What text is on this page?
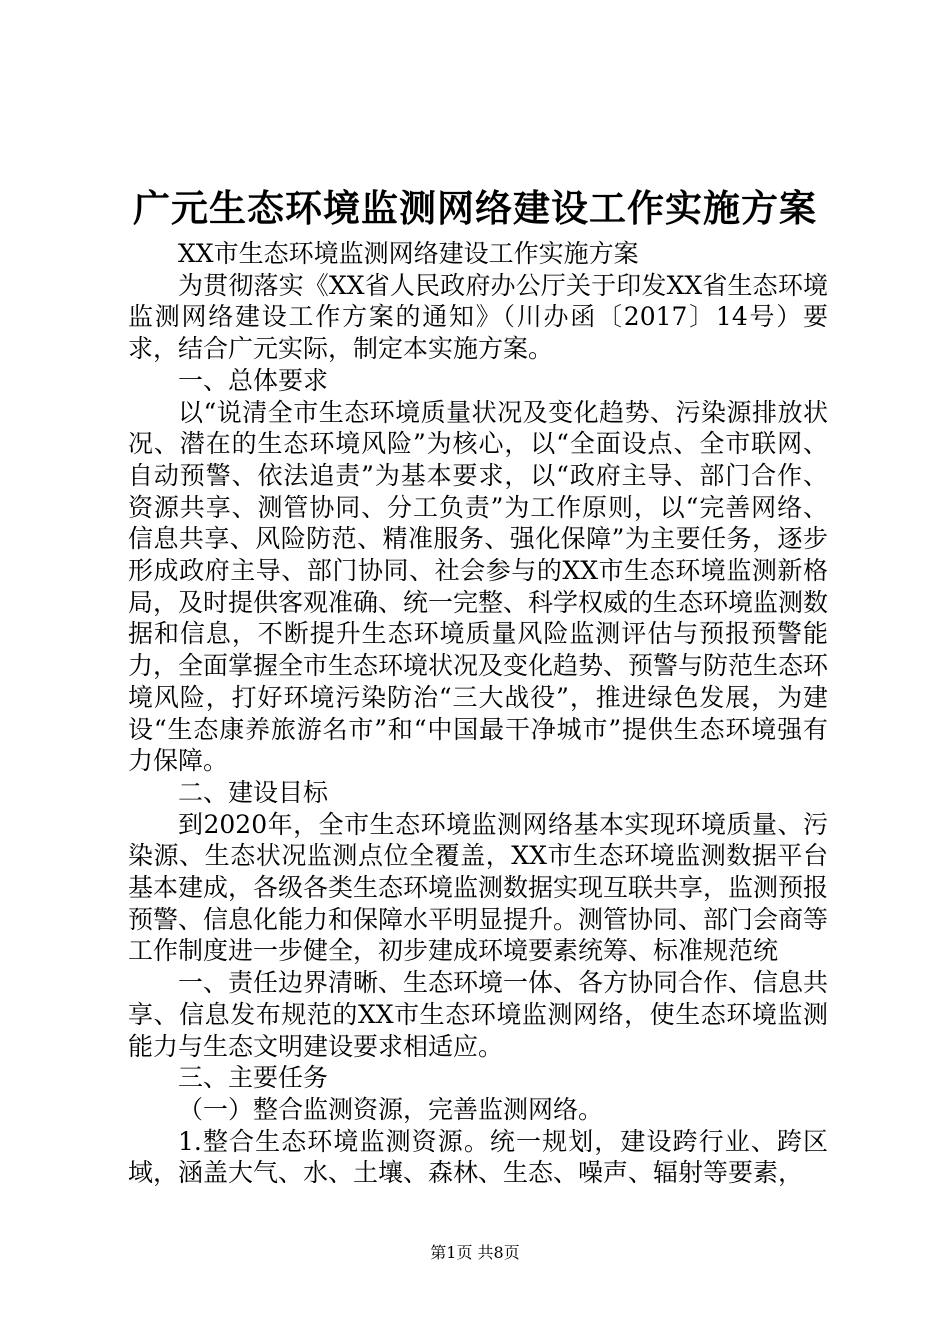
广元生态环境监测网络建设工作实施方案

XX市生态环境监测网络建设工作实施方案

为贯彻落实《XX省人民政府办公厅关于印发XX省生态环境监测网络建设工作方案的通知》（川办函〔2017〕14号）要求，结合广元实际，制定本实施方案。

一、总体要求

以“说清全市生态环境质量状况及变化趋势、污染源排放状况、潜在的生态环境风险”为核心，以“全面设点、全市联网、自动预警、依法追责”为基本要求，以“政府主导、部门合作、资源共享、测管协同、分工负责”为工作原则，以“完善网络、信息共享、风险防范、精准服务、强化保障”为主要任务，逐步形成政府主导、部门协同、社会参与的XX市生态环境监测新格局，及时提供客观准确、统一完整、科学权威的生态环境监测数据和信息，不断提升生态环境质量风险监测评估与预报预警能力，全面掌握全市生态环境状况及变化趋势、预警与防范生态环境风险，打好环境污染防治“三大战役”，推进绿色发展，为建设“生态康养旅游名市”和“中国最干净城市”提供生态环境强有力保障。

二、建设目标

到2020年，全市生态环境监测网络基本实现环境质量、污染源、生态状况监测点位全覆盖，XX市生态环境监测数据平台基本建成，各级各类生态环境监测数据实现互联共享，监测预报预警、信息化能力和保障水平明显提升。测管协同、部门会商等工作制度进一步健全，初步建成环境要素统筹、标准规范统

一、责任边界清晰、生态环境一体、各方协同合作、信息共享、信息发布规范的XX市生态环境监测网络，使生态环境监测能力与生态文明建设要求相适应。

三、主要任务

（一）整合监测资源，完善监测网络。

1.整合生态环境监测资源。统一规划，建设跨行业、跨区域，涵盖大气、水、土壤、森林、生态、噪声、辐射等要素，

第1页 共8页
